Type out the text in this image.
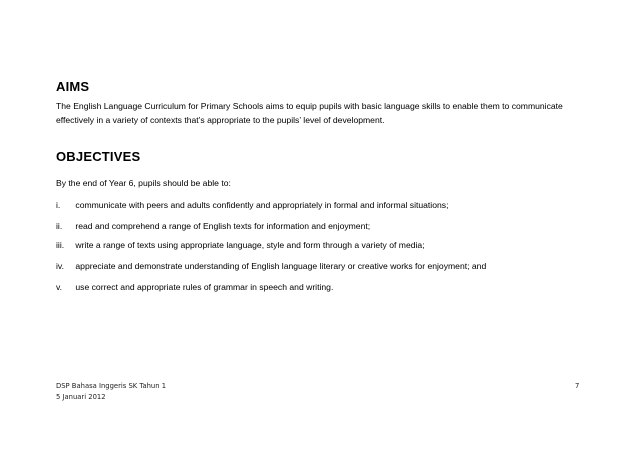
AIMS

The English Language Curriculum for Primary Schools aims to equip pupils with basic language skills to enable them to communicate effectively in a variety of contexts that’s appropriate to the pupils’ level of development.

OBJECTIVES

By the end of Year 6, pupils should be able to:

i. communicate with peers and adults confidently and appropriately in formal and informal situations;
ii. read and comprehend a range of English texts for information and enjoyment;
iii. write a range of texts using appropriate language, style and form through a variety of media;
iv. appreciate and demonstrate understanding of English language literary or creative works for enjoyment; and
v. use correct and appropriate rules of grammar in speech and writing.
DSP Bahasa Inggeris SK Tahun 1
5 Januari 2012
7
